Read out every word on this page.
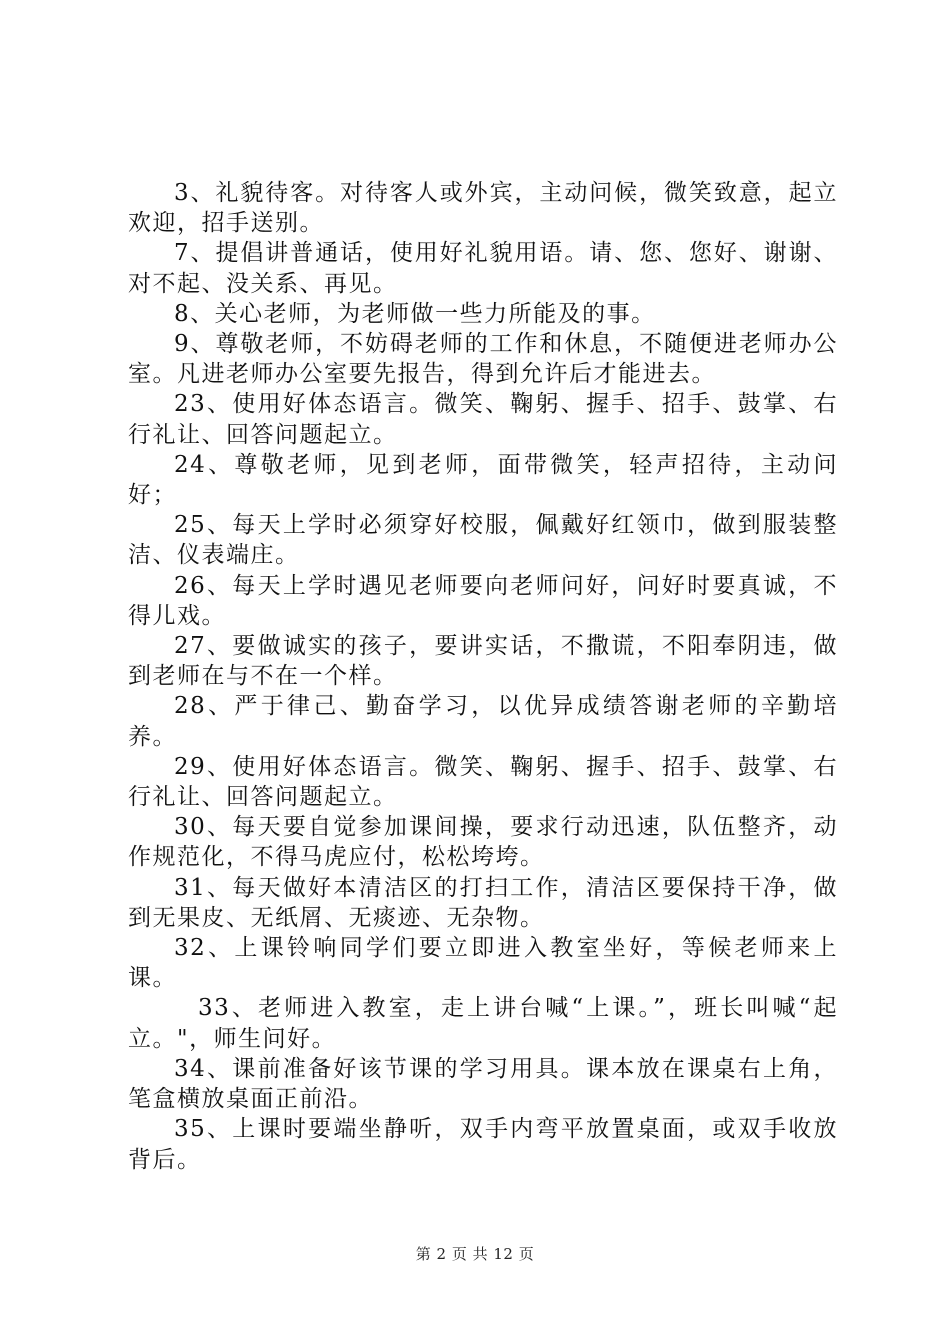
3、礼貌待客。对待客人或外宾，主动问候，微笑致意，起立欢迎，招手送别。

7、提倡讲普通话，使用好礼貌用语。请、您、您好、谢谢、对不起、没关系、再见。

8、关心老师，为老师做一些力所能及的事。

9、尊敬老师，不妨碍老师的工作和休息，不随便进老师办公室。凡进老师办公室要先报告，得到允许后才能进去。

23、使用好体态语言。微笑、鞠躬、握手、招手、鼓掌、右行礼让、回答问题起立。

24、尊敬老师，见到老师，面带微笑，轻声招待，主动问好；

25、每天上学时必须穿好校服，佩戴好红领巾，做到服装整洁、仪表端庄。

26、每天上学时遇见老师要向老师问好，问好时要真诚，不得儿戏。

27、要做诚实的孩子，要讲实话，不撒谎，不阳奉阴违，做到老师在与不在一个样。

28、严于律己、勤奋学习，以优异成绩答谢老师的辛勤培养。

29、使用好体态语言。微笑、鞠躬、握手、招手、鼓掌、右行礼让、回答问题起立。

30、每天要自觉参加课间操，要求行动迅速，队伍整齐，动作规范化，不得马虎应付，松松垮垮。

31、每天做好本清洁区的打扫工作，清洁区要保持干净，做到无果皮、无纸屑、无痰迹、无杂物。

32、上课铃响同学们要立即进入教室坐好，等候老师来上课。

33、老师进入教室，走上讲台喊“上课。”，班长叫喊“起立。"，师生问好。

34、课前准备好该节课的学习用具。课本放在课桌右上角，笔盒横放桌面正前沿。

35、上课时要端坐静听，双手内弯平放置桌面，或双手收放背后。

第 2 页 共 12 页
